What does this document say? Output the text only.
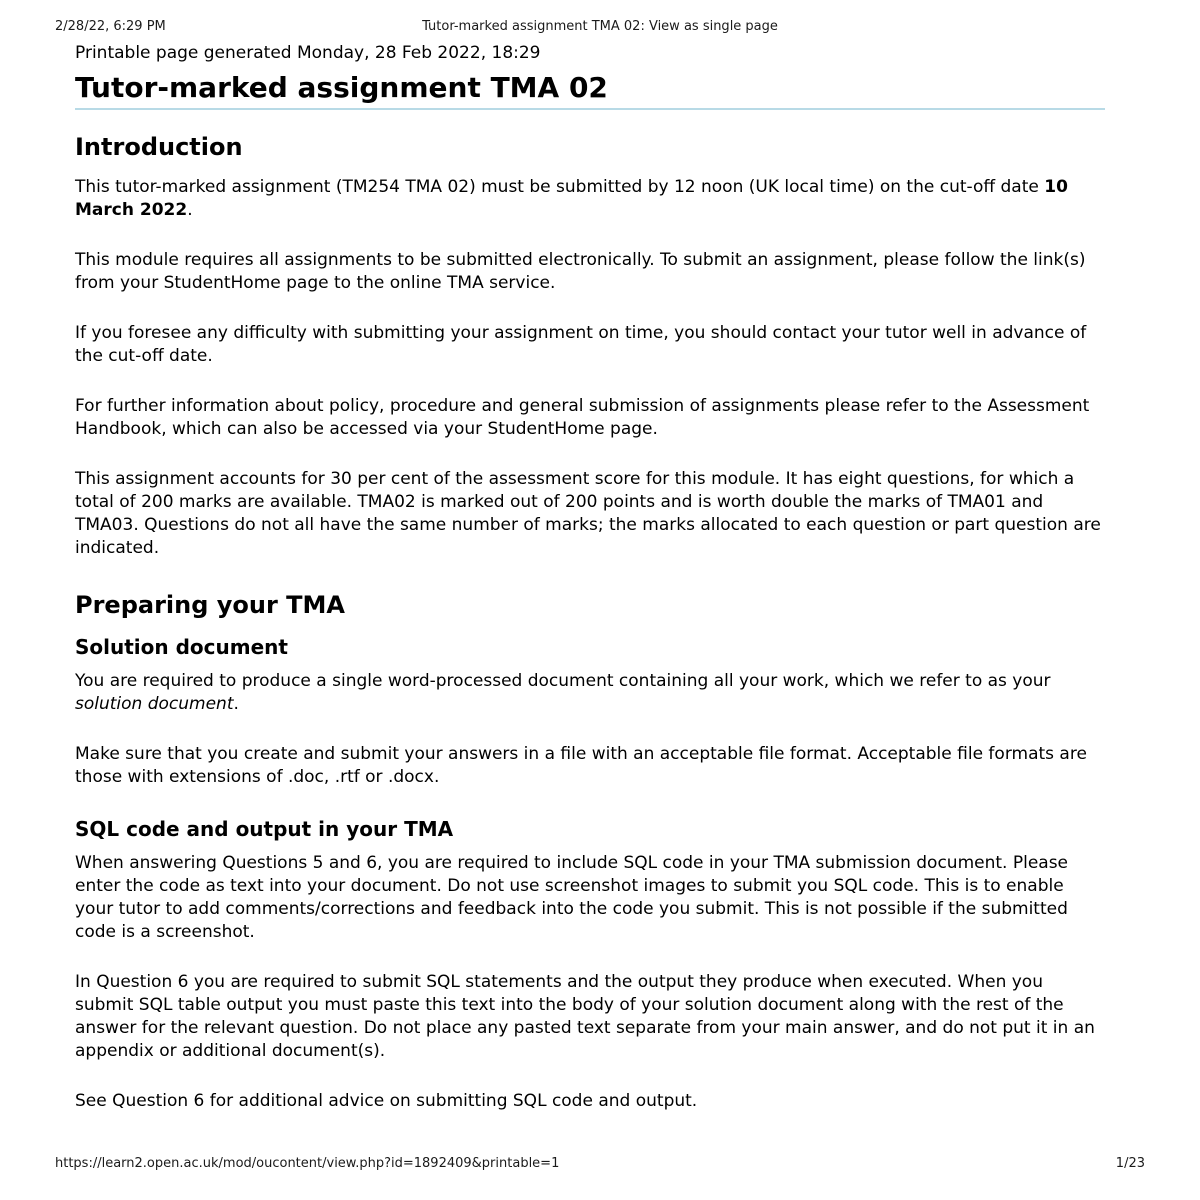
2/28/22, 6:29 PM	Tutor-marked assignment TMA 02: View as single page

Printable page generated Monday, 28 Feb 2022, 18:29

Tutor-marked assignment TMA 02
Introduction

This tutor-marked assignment (TM254 TMA 02) must be submitted by 12 noon (UK local time) on the cut-off date 10 March 2022.

This module requires all assignments to be submitted electronically. To submit an assignment, please follow the link(s) from your StudentHome page to the online TMA service.

If you foresee any difficulty with submitting your assignment on time, you should contact your tutor well in advance of the cut-off date.

For further information about policy, procedure and general submission of assignments please refer to the Assessment Handbook, which can also be accessed via your StudentHome page.

This assignment accounts for 30 per cent of the assessment score for this module. It has eight questions, for which a total of 200 marks are available. TMA02 is marked out of 200 points and is worth double the marks of TMA01 and TMA03. Questions do not all have the same number of marks; the marks allocated to each question or part question are indicated.

Preparing your TMA
Solution document

You are required to produce a single word-processed document containing all your work, which we refer to as your solution document.

Make sure that you create and submit your answers in a file with an acceptable file format. Acceptable file formats are those with extensions of .doc, .rtf or .docx.

SQL code and output in your TMA

When answering Questions 5 and 6, you are required to include SQL code in your TMA submission document. Please enter the code as text into your document. Do not use screenshot images to submit you SQL code. This is to enable your tutor to add comments/corrections and feedback into the code you submit. This is not possible if the submitted code is a screenshot.

In Question 6 you are required to submit SQL statements and the output they produce when executed. When you submit SQL table output you must paste this text into the body of your solution document along with the rest of the answer for the relevant question. Do not place any pasted text separate from your main answer, and do not put it in an appendix or additional document(s).

See Question 6 for additional advice on submitting SQL code and output.

https://learn2.open.ac.uk/mod/oucontent/view.php?id=1892409&printable=1	1/23
